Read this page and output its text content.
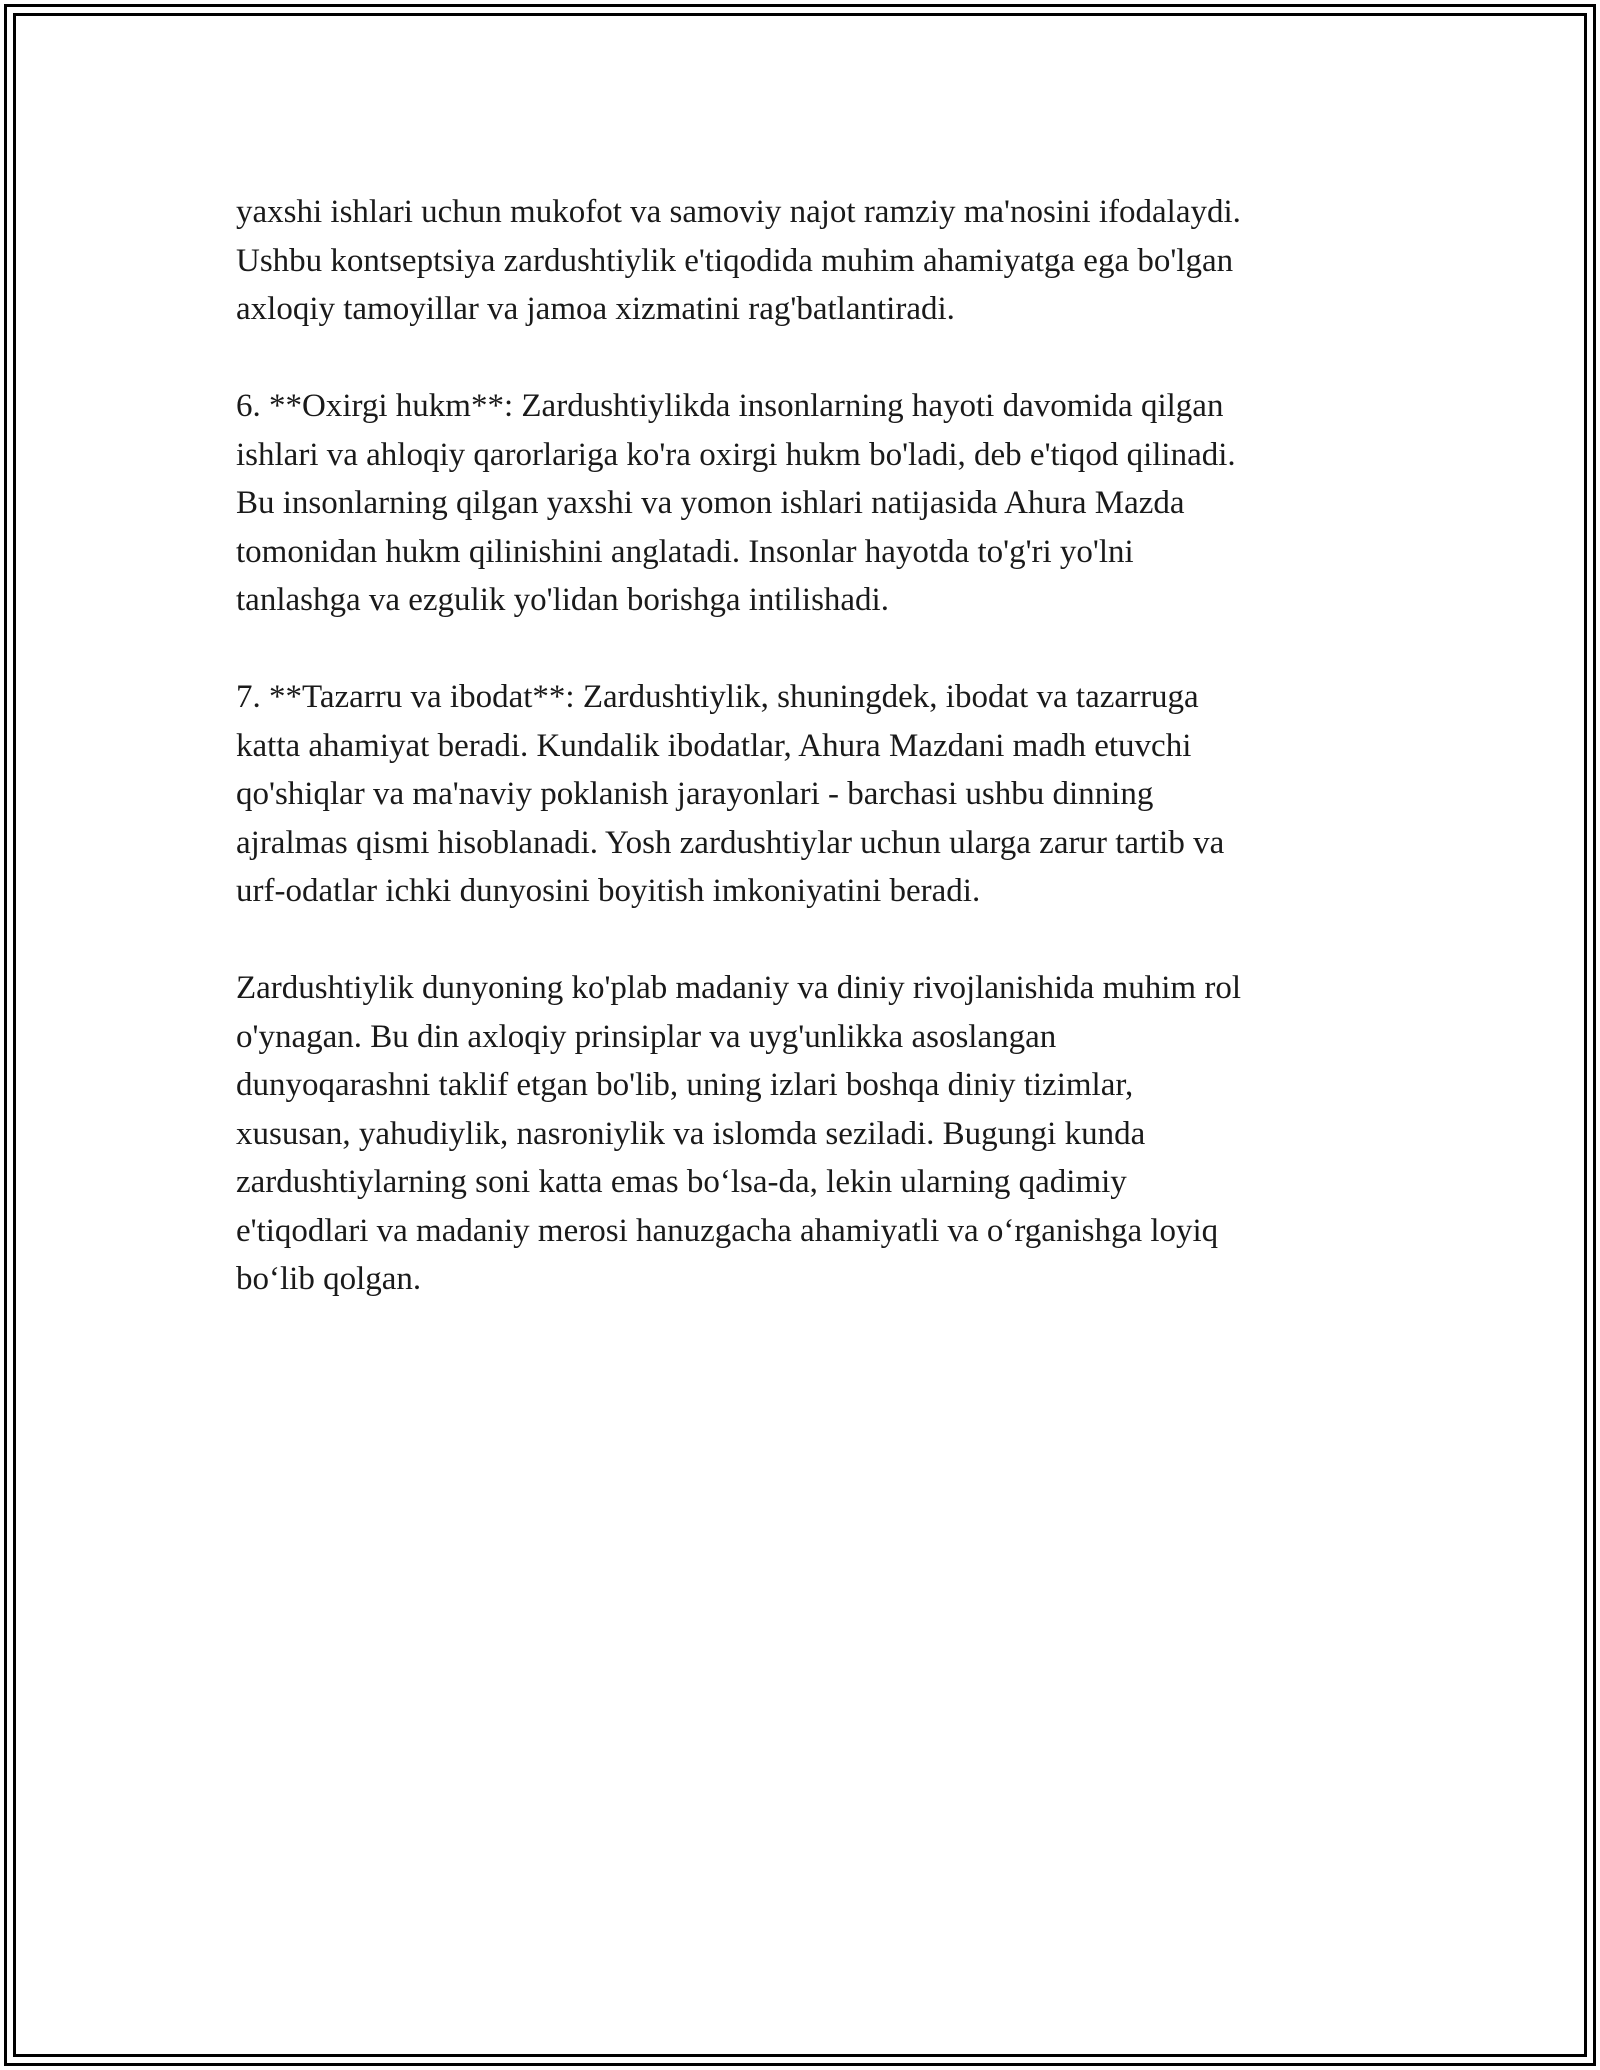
yaxshi ishlari uchun mukofot va samoviy najot ramziy ma'nosini ifodalaydi.
Ushbu kontseptsiya zardushtiylik e'tiqodida muhim ahamiyatga ega bo'lgan
axloqiy tamoyillar va jamoa xizmatini rag'batlantiradi.

6. **Oxirgi hukm**: Zardushtiylikda insonlarning hayoti davomida qilgan
ishlari va ahloqiy qarorlariga ko'ra oxirgi hukm bo'ladi, deb e'tiqod qilinadi.
Bu insonlarning qilgan yaxshi va yomon ishlari natijasida Ahura Mazda
tomonidan hukm qilinishini anglatadi. Insonlar hayotda to'g'ri yo'lni
tanlashga va ezgulik yo'lidan borishga intilishadi.

7. **Tazarru va ibodat**: Zardushtiylik, shuningdek, ibodat va tazarruga
katta ahamiyat beradi. Kundalik ibodatlar, Ahura Mazdani madh etuvchi
qo'shiqlar va ma'naviy poklanish jarayonlari - barchasi ushbu dinning
ajralmas qismi hisoblanadi. Yosh zardushtiylar uchun ularga zarur tartib va
urf-odatlar ichki dunyosini boyitish imkoniyatini beradi.

Zardushtiylik dunyoning ko'plab madaniy va diniy rivojlanishida muhim rol
o'ynagan. Bu din axloqiy prinsiplar va uyg'unlikka asoslangan
dunyoqarashni taklif etgan bo'lib, uning izlari boshqa diniy tizimlar,
xususan, yahudiylik, nasroniylik va islomda seziladi. Bugungi kunda
zardushtiylarning soni katta emas bo‘lsa-da, lekin ularning qadimiy
e'tiqodlari va madaniy merosi hanuzgacha ahamiyatli va o‘rganishga loyiq
bo‘lib qolgan.
